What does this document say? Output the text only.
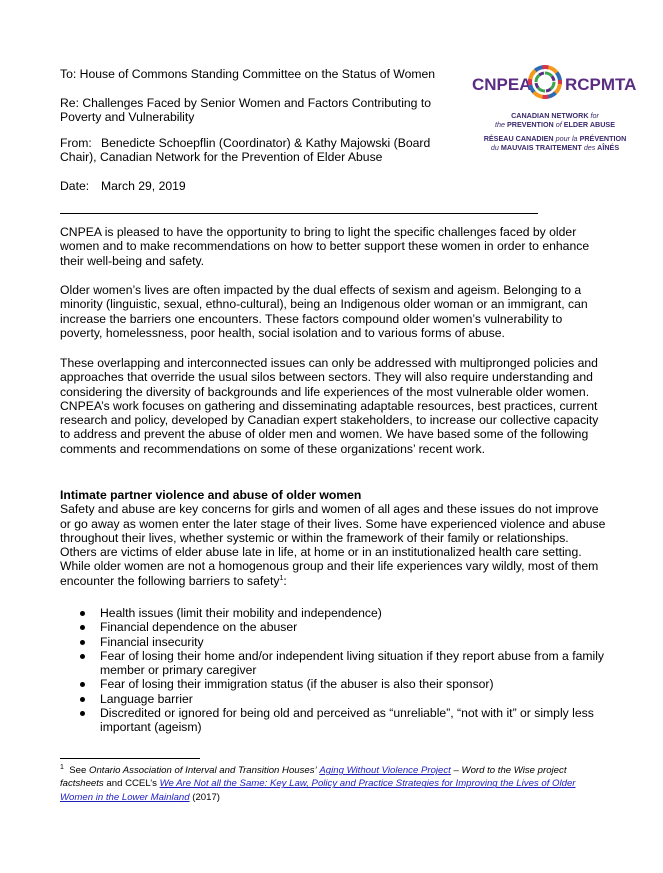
CNPEA RCPMTA
CANADIAN NETWORK for
the PREVENTION of ELDER ABUSE
RÉSEAU CANADIEN pour la PRÉVENTION
du MAUVAIS TRAITEMENT des AÎNÉS
To: House of Commons Standing Committee on the Status of Women
Re: Challenges Faced by Senior Women and Factors Contributing to Poverty and Vulnerability
From: Benedicte Schoepflin (Coordinator) & Kathy Majowski (Board Chair), Canadian Network for the Prevention of Elder Abuse
Date: March 29, 2019
CNPEA is pleased to have the opportunity to bring to light the specific challenges faced by older women and to make recommendations on how to better support these women in order to enhance their well-being and safety.
Older women’s lives are often impacted by the dual effects of sexism and ageism. Belonging to a minority (linguistic, sexual, ethno-cultural), being an Indigenous older woman or an immigrant, can increase the barriers one encounters. These factors compound older women’s vulnerability to poverty, homelessness, poor health, social isolation and to various forms of abuse.
These overlapping and interconnected issues can only be addressed with multipronged policies and approaches that override the usual silos between sectors. They will also require understanding and considering the diversity of backgrounds and life experiences of the most vulnerable older women. CNPEA’s work focuses on gathering and disseminating adaptable resources, best practices, current research and policy, developed by Canadian expert stakeholders, to increase our collective capacity to address and prevent the abuse of older men and women. We have based some of the following comments and recommendations on some of these organizations’ recent work.
Intimate partner violence and abuse of older women
Safety and abuse are key concerns for girls and women of all ages and these issues do not improve or go away as women enter the later stage of their lives. Some have experienced violence and abuse throughout their lives, whether systemic or within the framework of their family or relationships. Others are victims of elder abuse late in life, at home or in an institutionalized health care setting. While older women are not a homogenous group and their life experiences vary wildly, most of them encounter the following barriers to safety$^1$:
Health issues (limit their mobility and independence)
Financial dependence on the abuser
Financial insecurity
Fear of losing their home and/or independent living situation if they report abuse from a family member or primary caregiver
Fear of losing their immigration status (if the abuser is also their sponsor)
Language barrier
Discredited or ignored for being old and perceived as “unreliable”, “not with it” or simply less important (ageism)
$^1$ See Ontario Association of Interval and Transition Houses’ Aging Without Violence Project – Word to the Wise project factsheets and CCEL’s We Are Not all the Same: Key Law, Policy and Practice Strategies for Improving the Lives of Older Women in the Lower Mainland (2017)
